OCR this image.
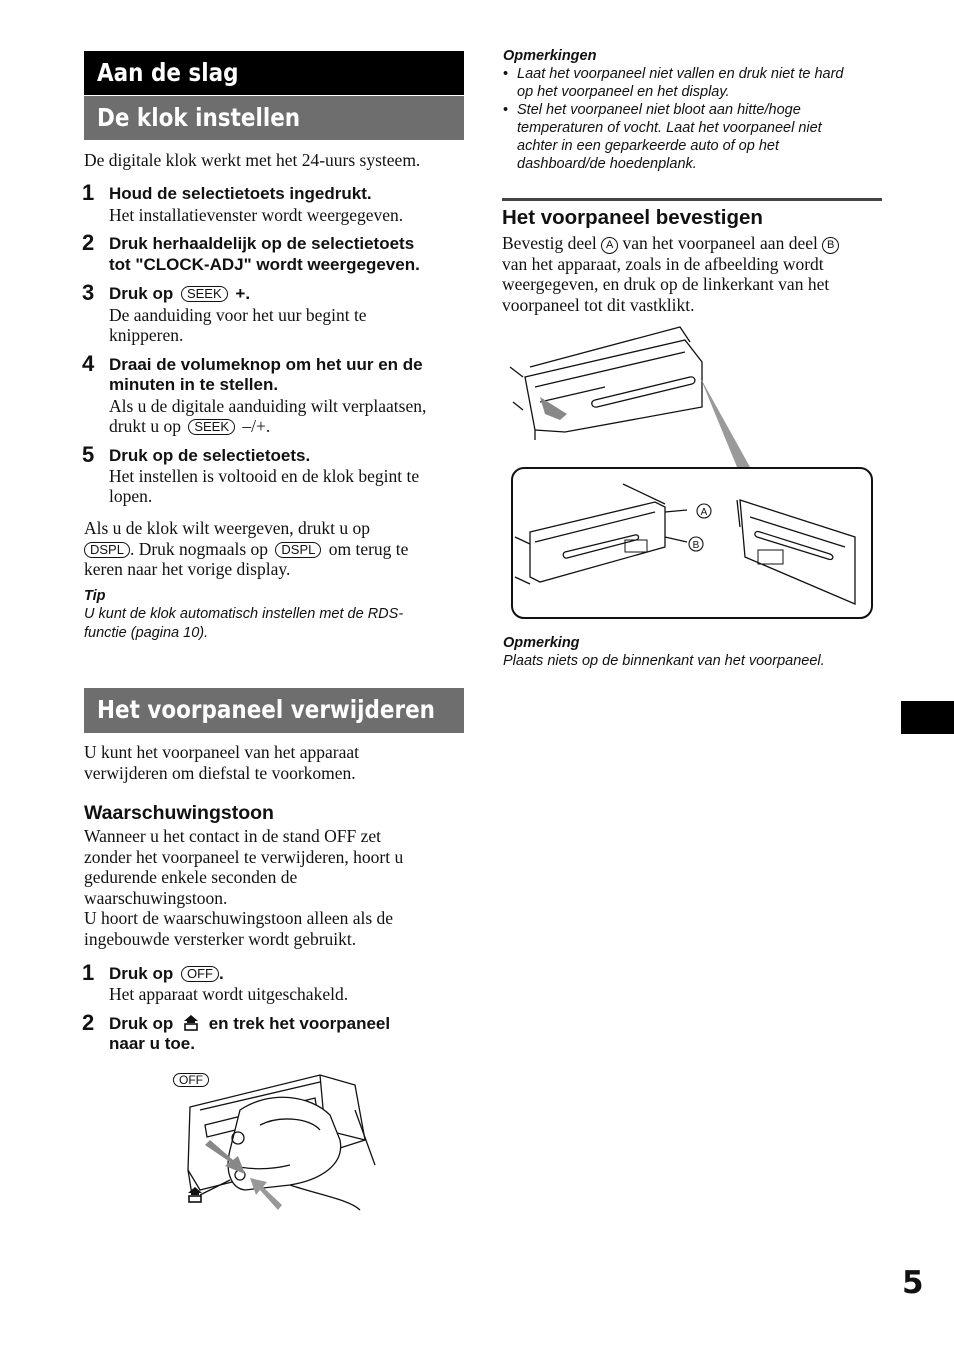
Aan de slag
De klok instellen
De digitale klok werkt met het 24-uurs systeem.
1 Houd de selectietoets ingedrukt.
Het installatievenster wordt weergegeven.
2 Druk herhaaldelijk op de selectietoets
tot "CLOCK-ADJ" wordt weergegeven.
3 Druk op SEEK +.
De aanduiding voor het uur begint te
knipperen.
4 Draai de volumeknop om het uur en de
minuten in te stellen.
Als u de digitale aanduiding wilt verplaatsen,
drukt u op SEEK –/+.
5 Druk op de selectietoets.
Het instellen is voltooid en de klok begint te
lopen.
Als u de klok wilt weergeven, drukt u op
DSPL . Druk nogmaals op DSPL om terug te
keren naar het vorige display.
Tip
U kunt de klok automatisch instellen met de RDS-
functie (pagina 10).
Het voorpaneel verwijderen
U kunt het voorpaneel van het apparaat
verwijderen om diefstal te voorkomen.
Waarschuwingstoon
Wanneer u het contact in de stand OFF zet
zonder het voorpaneel te verwijderen, hoort u
gedurende enkele seconden de
waarschuwingstoon.
U hoort de waarschuwingstoon alleen als de
ingebouwde versterker wordt gebruikt.
1 Druk op OFF .
Het apparaat wordt uitgeschakeld.
2 Druk op en trek het voorpaneel
naar u toe.
OFF
Opmerkingen
• Laat het voorpaneel niet vallen en druk niet te hard
op het voorpaneel en het display.
• Stel het voorpaneel niet bloot aan hitte/hoge
temperaturen of vocht. Laat het voorpaneel niet
achter in een geparkeerde auto of op het
dashboard/de hoedenplank.
Het voorpaneel bevestigen
Bevestig deel A van het voorpaneel aan deel B
van het apparaat, zoals in de afbeelding wordt
weergegeven, en druk op de linkerkant van het
voorpaneel tot dit vastklikt.
A
B
Opmerking
Plaats niets op de binnenkant van het voorpaneel.
5
